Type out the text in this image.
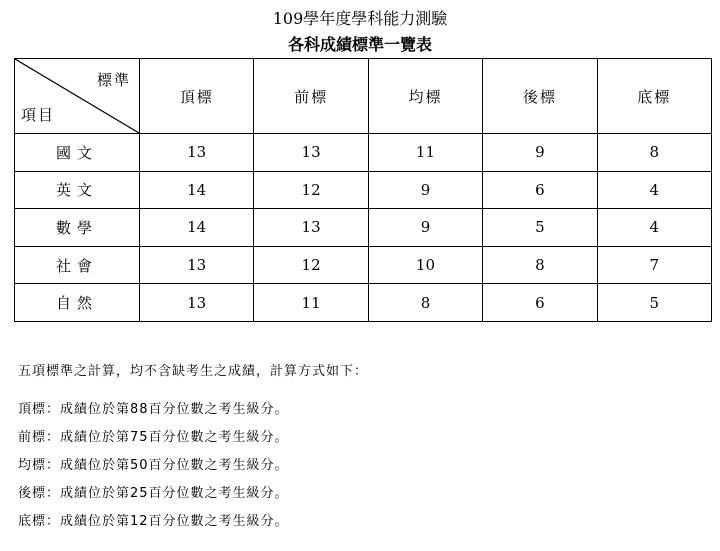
109學年度學科能力測驗
各科成績標準一覽表
標準
項目	頂標	前標	均標	後標	底標
國文	13	13	11	9	8
英文	14	12	9	6	4
數學	14	13	9	5	4
社會	13	12	10	8	7
自然	13	11	8	6	5

五項標準之計算，均不含缺考生之成績，計算方式如下：

頂標：成績位於第88百分位數之考生級分。

前標：成績位於第75百分位數之考生級分。

均標：成績位於第50百分位數之考生級分。

後標：成績位於第25百分位數之考生級分。

底標：成績位於第12百分位數之考生級分。
